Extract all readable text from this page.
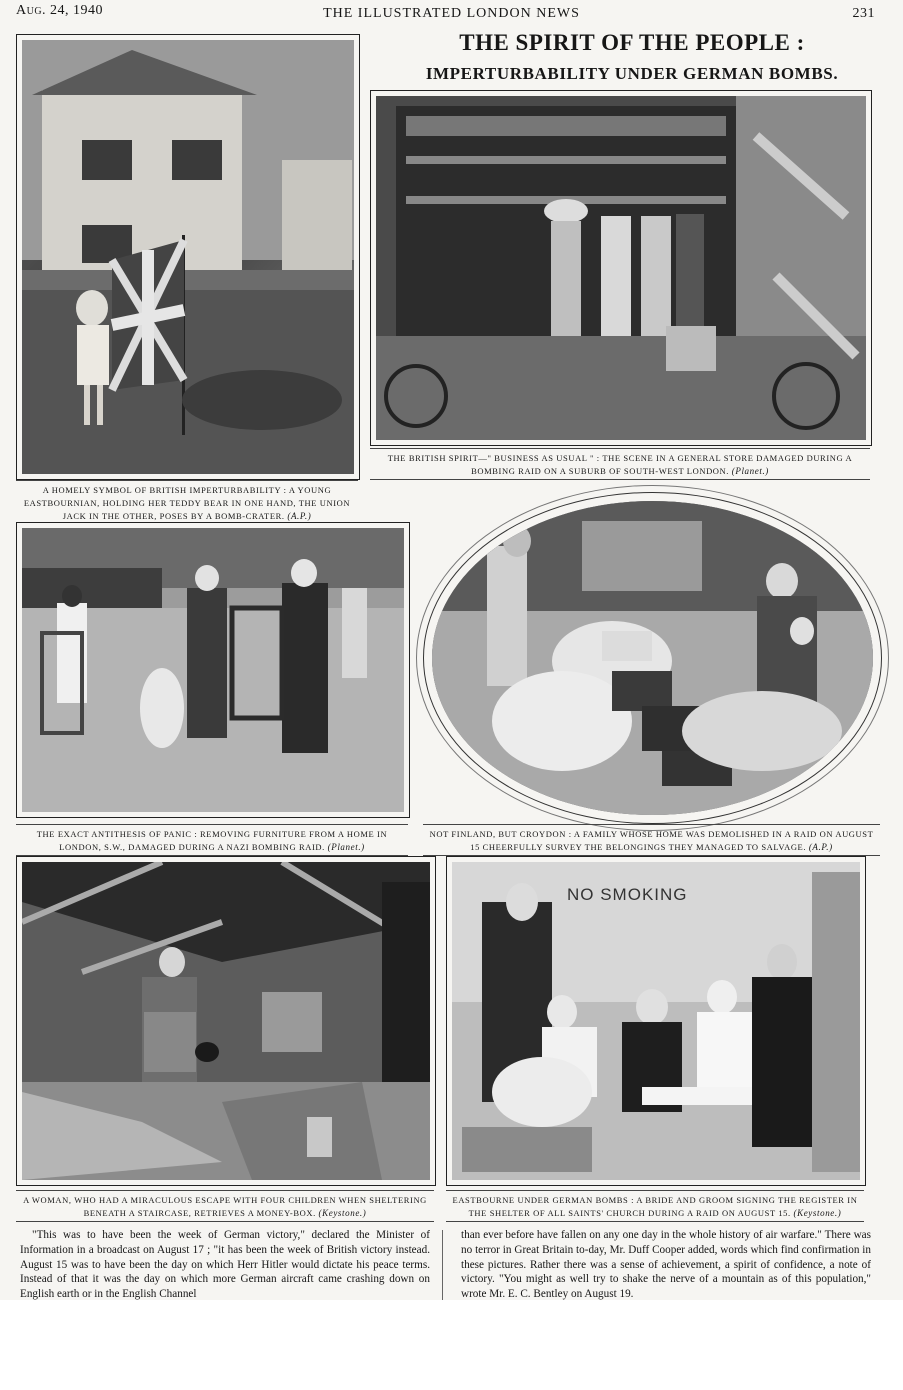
Aug. 24, 1940	THE ILLUSTRATED LONDON NEWS	231
THE SPIRIT OF THE PEOPLE :
IMPERTURBABILITY UNDER GERMAN BOMBS.
A HOMELY SYMBOL OF BRITISH IMPERTURBABILITY : A YOUNG EASTBOURNIAN, HOLDING HER TEDDY BEAR IN ONE HAND, THE UNION JACK IN THE OTHER, POSES BY A BOMB-CRATER. (A.P.)
THE BRITISH SPIRIT—" BUSINESS AS USUAL " : THE SCENE IN A GENERAL STORE DAMAGED DURING A BOMBING RAID ON A SUBURB OF SOUTH-WEST LONDON. (Planet.)
THE EXACT ANTITHESIS OF PANIC : REMOVING FURNITURE FROM A HOME IN LONDON, S.W., DAMAGED DURING A NAZI BOMBING RAID. (Planet.)
NOT FINLAND, BUT CROYDON : A FAMILY WHOSE HOME WAS DEMOLISHED IN A RAID ON AUGUST 15 CHEERFULLY SURVEY THE BELONGINGS THEY MANAGED TO SALVAGE. (A.P.)
A WOMAN, WHO HAD A MIRACULOUS ESCAPE WITH FOUR CHILDREN WHEN SHELTERING BENEATH A STAIRCASE, RETRIEVES A MONEY-BOX. (Keystone.)
NO SMOKING
EASTBOURNE UNDER GERMAN BOMBS : A BRIDE AND GROOM SIGNING THE REGISTER IN THE SHELTER OF ALL SAINTS' CHURCH DURING A RAID ON AUGUST 15. (Keystone.)
"This was to have been the week of German victory," declared the Minister of Information in a broadcast on August 17 ; "it has been the week of British victory instead. August 15 was to have been the day on which Herr Hitler would dictate his peace terms. Instead of that it was the day on which more German aircraft came crashing down on English earth or in the English Channel
than ever before have fallen on any one day in the whole history of air warfare." There was no terror in Great Britain to-day, Mr. Duff Cooper added, words which find confirmation in these pictures. Rather there was a sense of achievement, a spirit of confidence, a note of victory. "You might as well try to shake the nerve of a mountain as of this population," wrote Mr. E. C. Bentley on August 19.
